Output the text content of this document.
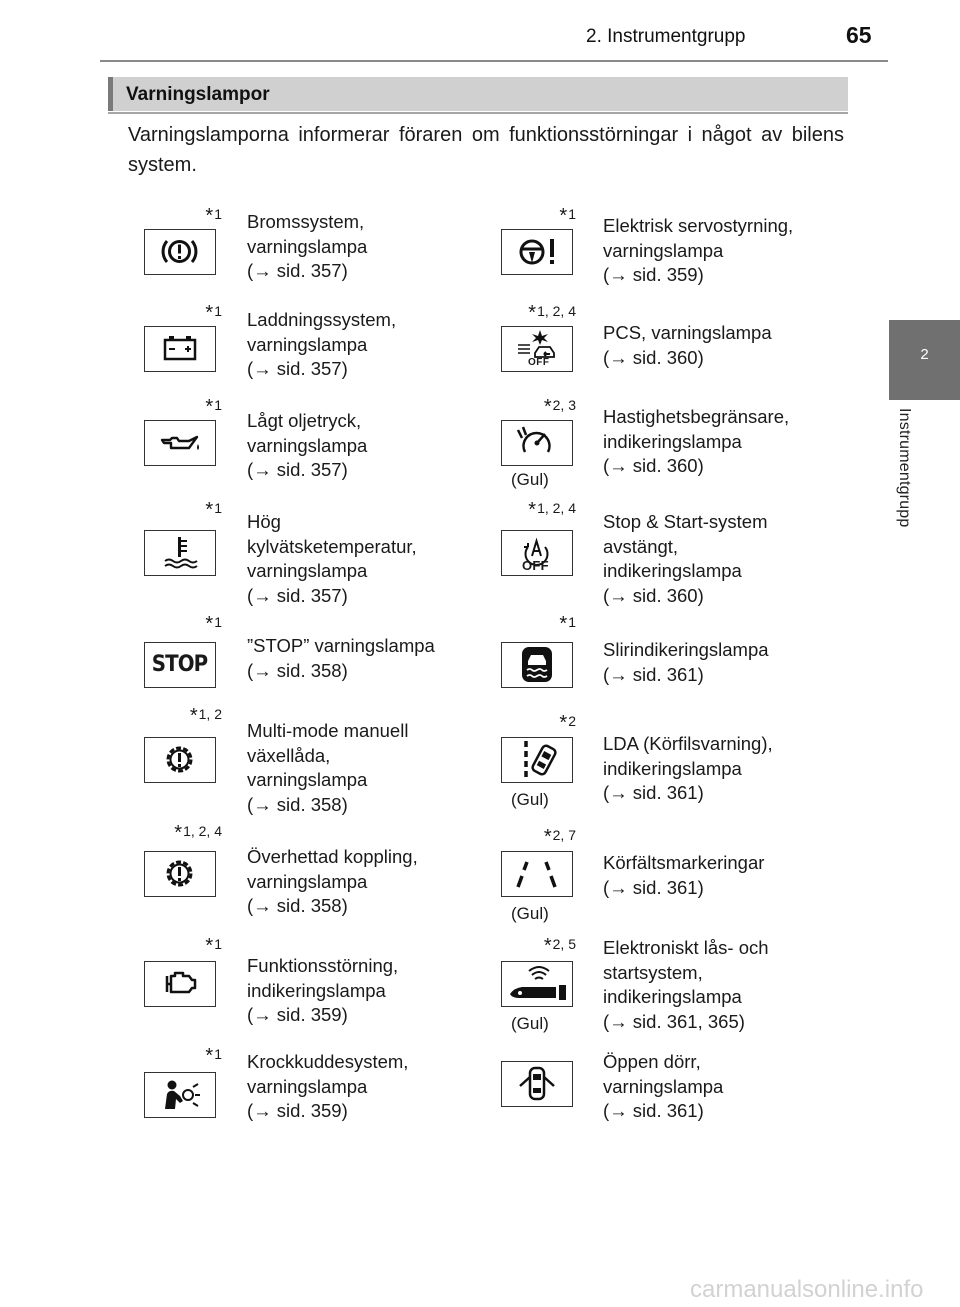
2. Instrumentgrupp	65
2
Instrumentgrupp
Varningslampor
Varningslamporna informerar föraren om funktionsstörningar i något av bilens system.
*1 Bromssystem,
varningslampa
(→ sid. 357)
*1 Laddningssystem,
varningslampa
(→ sid. 357)
*1
Lågt oljetryck,
varningslampa
(→ sid. 357)
*1
Hög
kylvätsketemperatur,
varningslampa
(→ sid. 357)
*1
STOP
”STOP” varningslampa
(→ sid. 358)
*1, 2
Multi-mode manuell
växellåda,
varningslampa
(→ sid. 358)
*1, 2, 4
Överhettad koppling,
varningslampa
(→ sid. 358)
*1
Funktionsstörning,
indikeringslampa
(→ sid. 359)
*1 Krockkuddesystem,
varningslampa
(→ sid. 359)
*1
Elektrisk servostyrning,
varningslampa
(→ sid. 359)
*1, 2, 4
OFF
PCS, varningslampa
(→ sid. 360)
*2, 3
(Gul)
Hastighetsbegränsare,
indikeringslampa
(→ sid. 360)
*1, 2, 4
OFF
Stop & Start-system
avstängt,
indikeringslampa
(→ sid. 360)
*1
Slirindikeringslampa
(→ sid. 361)
*2
(Gul)
LDA (Körfilsvarning),
indikeringslampa
(→ sid. 361)
*2, 7
(Gul)
Körfältsmarkeringar
(→ sid. 361)
*2, 5
(Gul)
Elektroniskt lås- och
startsystem,
indikeringslampa
(→ sid. 361, 365)
Öppen dörr,
varningslampa
(→ sid. 361)
carmanualsonline.info
